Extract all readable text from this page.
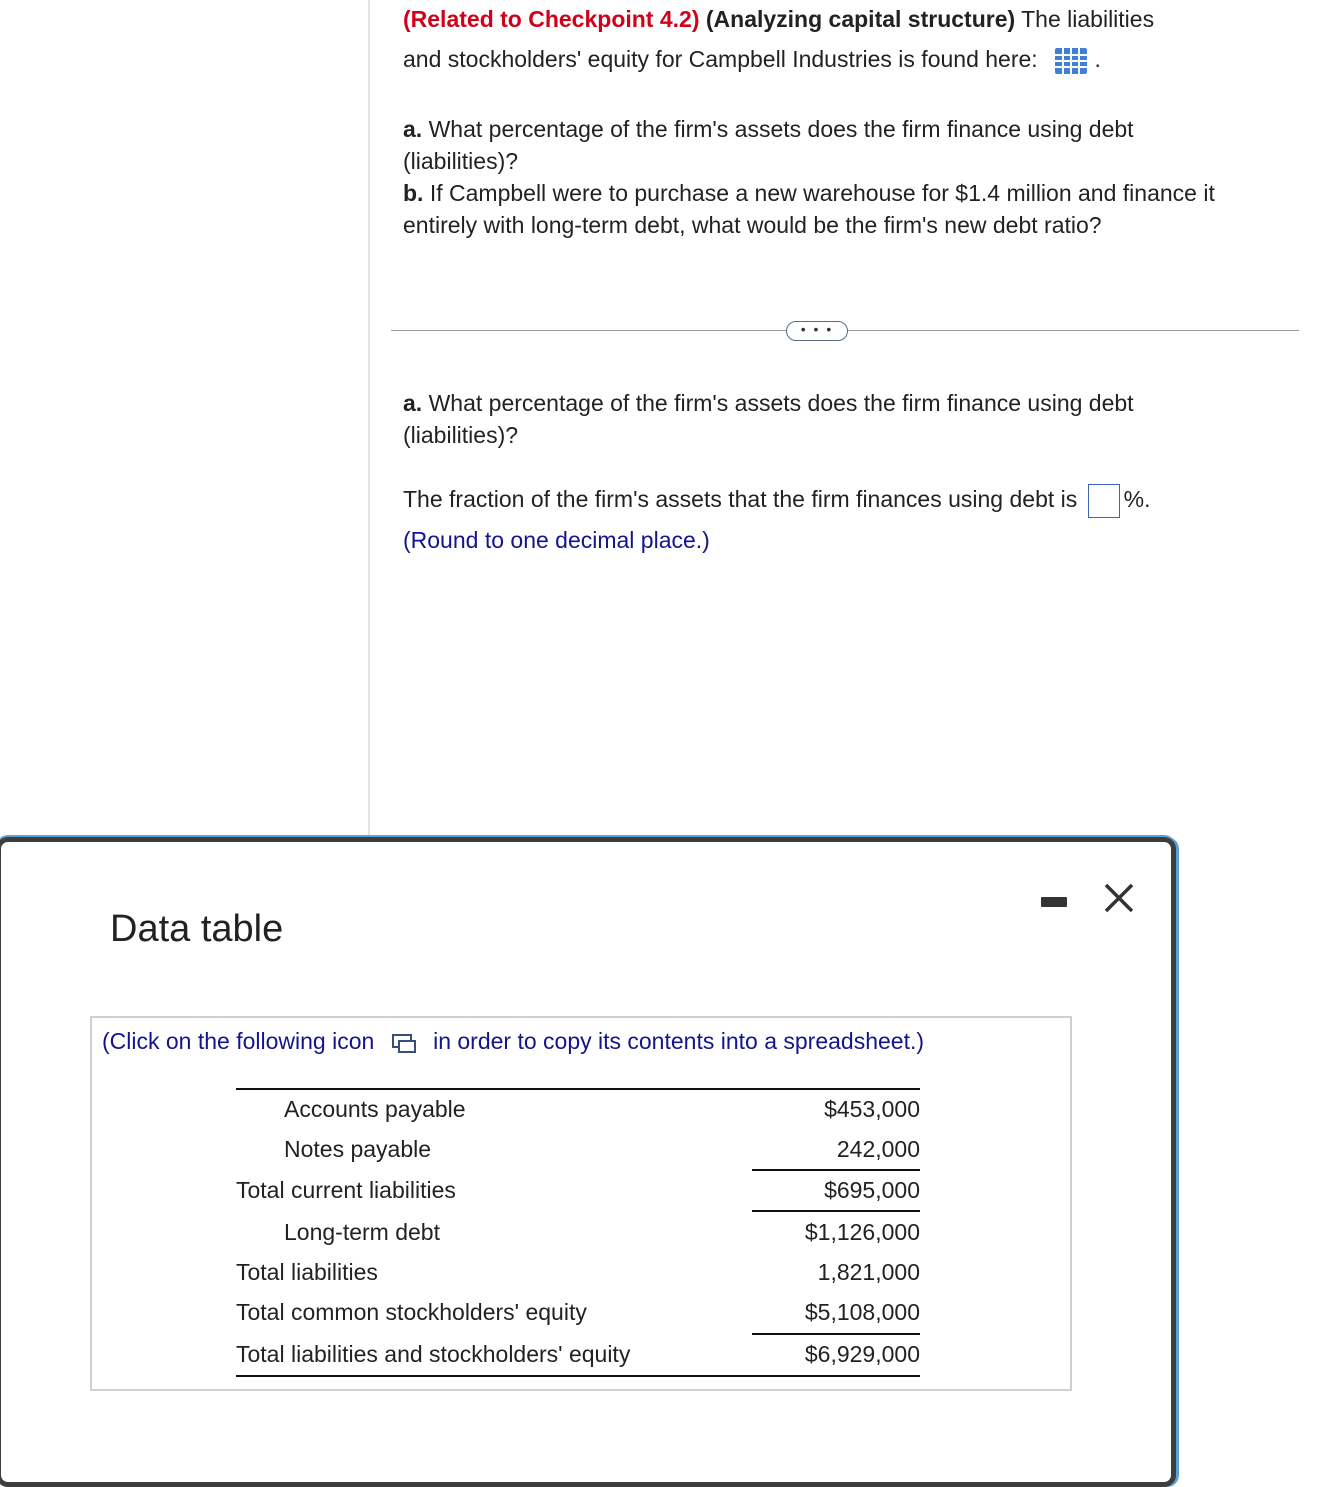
(Related to Checkpoint 4.2) (Analyzing capital structure) The liabilities
and stockholders' equity for Campbell Industries is found here:  .
a. What percentage of the firm's assets does the firm finance using debt (liabilities)?
b. If Campbell were to purchase a new warehouse for $1.4 million and finance it entirely with long-term debt, what would be the firm's new debt ratio?
• • •
a. What percentage of the firm's assets does the firm finance using debt (liabilities)?
The fraction of the firm's assets that the firm finances using debt is %.
(Round to one decimal place.)
Data table
(Click on the following icon	in order to copy its contents into a spreadsheet.)
Accounts payable	$453,000
Notes payable	242,000
Total current liabilities	$695,000
Long-term debt	$1,126,000
Total liabilities	1,821,000
Total common stockholders' equity	$5,108,000
Total liabilities and stockholders' equity	$6,929,000
